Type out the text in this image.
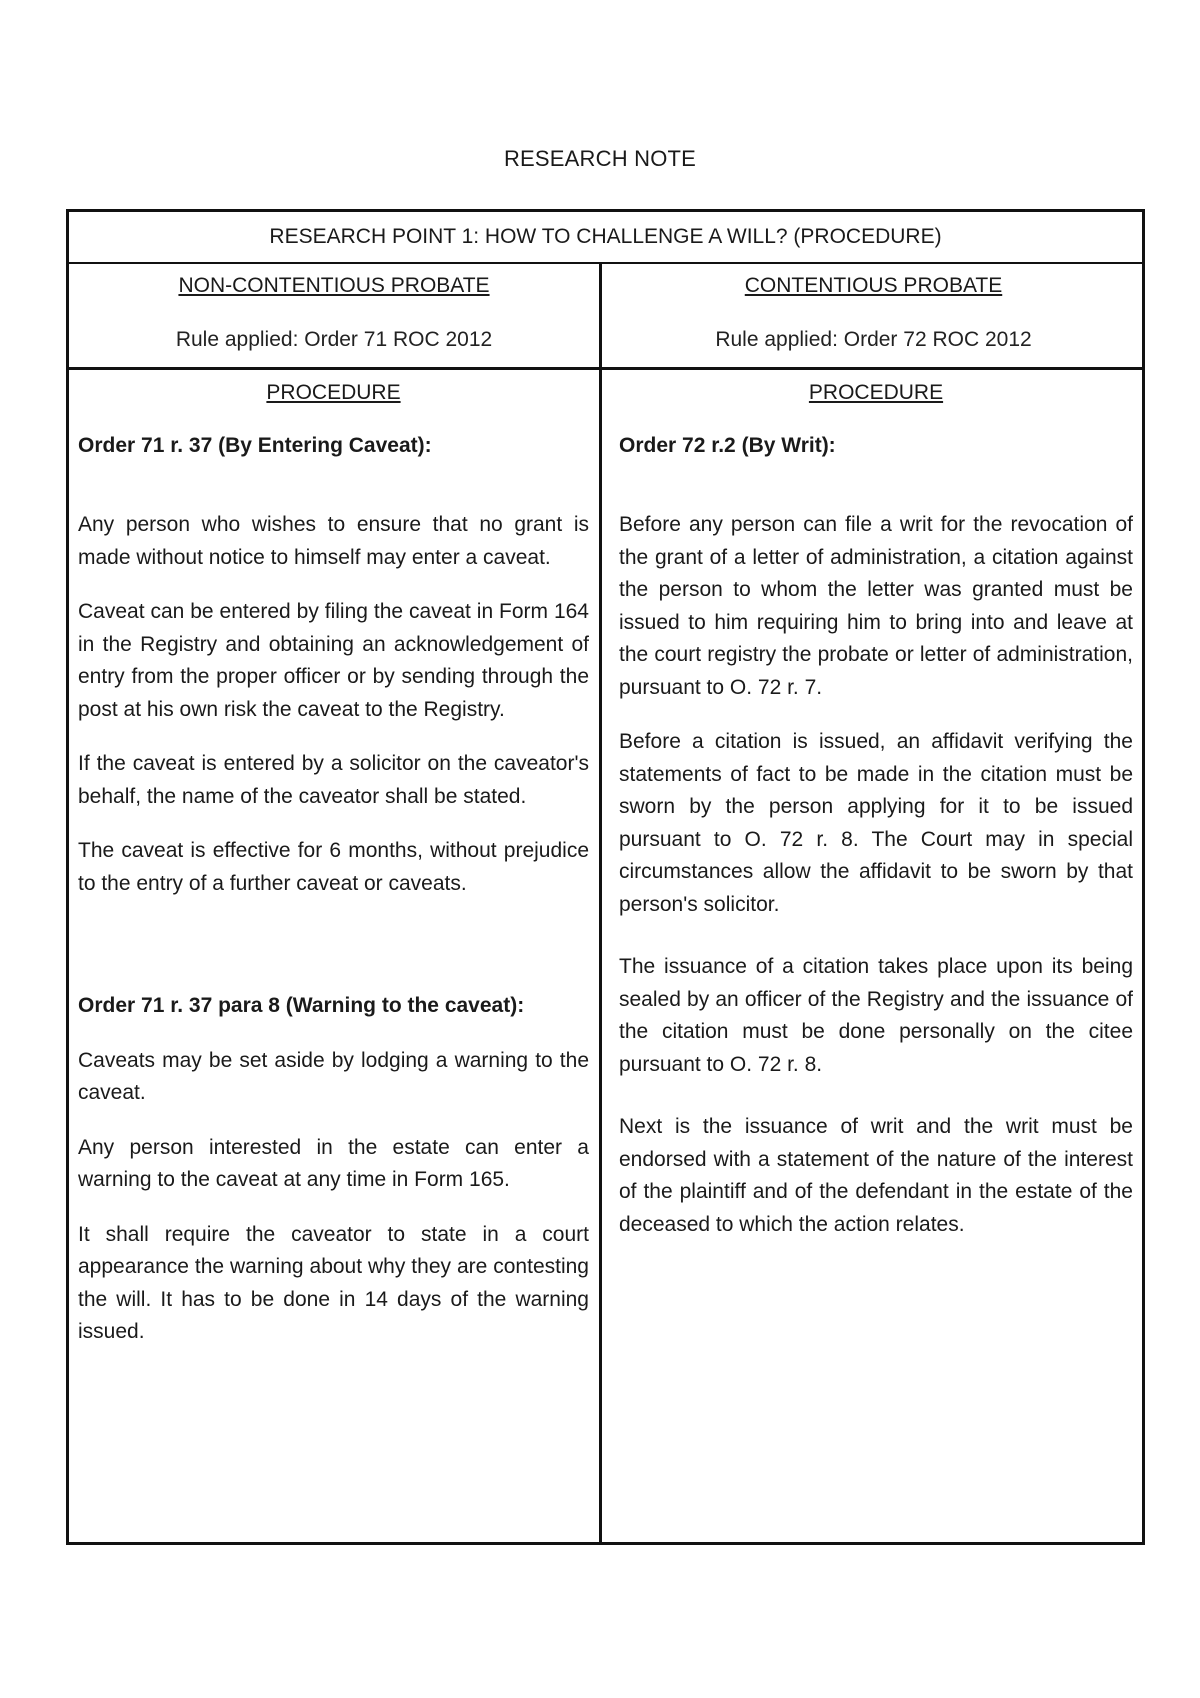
RESEARCH NOTE
RESEARCH POINT 1: HOW TO CHALLENGE A WILL? (PROCEDURE)

NON-CONTENTIOUS PROBATE

Rule applied: Order 71 ROC 2012

CONTENTIOUS PROBATE

Rule applied: Order 72 ROC 2012

PROCEDURE

Order 71 r. 37 (By Entering Caveat):

Any person who wishes to ensure that no grant is made without notice to himself may enter a caveat.

Caveat can be entered by filing the caveat in Form 164 in the Registry and obtaining an acknowledgement of entry from the proper officer or by sending through the post at his own risk the caveat to the Registry.

If the caveat is entered by a solicitor on the caveator's behalf, the name of the caveator shall be stated.

The caveat is effective for 6 months, without prejudice to the entry of a further caveat or caveats.

Order 71 r. 37 para 8 (Warning to the caveat):

Caveats may be set aside by lodging a warning to the caveat.

Any person interested in the estate can enter a warning to the caveat at any time in Form 165.

It shall require the caveator to state in a court appearance the warning about why they are contesting the will. It has to be done in 14 days of the warning issued.

PROCEDURE

Order 72 r.2 (By Writ):

Before any person can file a writ for the revocation of the grant of a letter of administration, a citation against the person to whom the letter was granted must be issued to him requiring him to bring into and leave at the court registry the probate or letter of administration, pursuant to O. 72 r. 7.

Before a citation is issued, an affidavit verifying the statements of fact to be made in the citation must be sworn by the person applying for it to be issued pursuant to O. 72 r. 8. The Court may in special circumstances allow the affidavit to be sworn by that person's solicitor.

The issuance of a citation takes place upon its being sealed by an officer of the Registry and the issuance of the citation must be done personally on the citee pursuant to O. 72 r. 8.

Next is the issuance of writ and the writ must be endorsed with a statement of the nature of the interest of the plaintiff and of the defendant in the estate of the deceased to which the action relates.
